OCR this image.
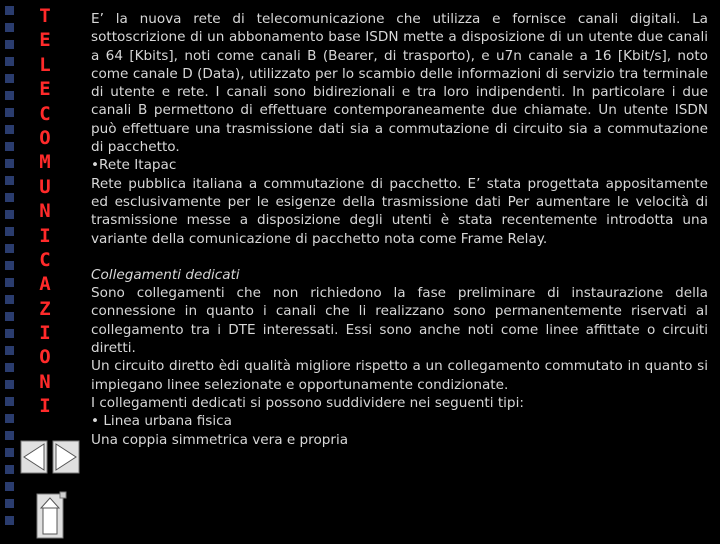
T
E
L
E
C
O
M
U
N
I
C
A
Z
I
O
N
I

E’ la nuova rete di telecomunicazione che utilizza e fornisce canali digitali. La sottoscrizione di un abbonamento base ISDN mette a disposizione di un utente due canali a 64 [Kbits], noti come canali B (Bearer, di trasporto), e u7n canale a 16 [Kbit/s], noto come canale D (Data), utilizzato per lo scambio delle informazioni di servizio tra terminale di utente e rete. I canali sono bidirezionali e tra loro indipendenti. In particolare i due canali B permettono di effettuare contemporaneamente due chiamate. Un utente ISDN può effettuare una trasmissione dati sia a commutazione di circuito sia a commutazione di pacchetto.

•Rete Itapac

Rete pubblica italiana a commutazione di pacchetto. E’ stata progettata appositamente ed esclusivamente per le esigenze della trasmissione dati Per aumentare le velocità di trasmissione messe a disposizione degli utenti è stata recentemente introdotta una variante della comunicazione di pacchetto nota come Frame Relay.

Collegamenti dedicati

Sono collegamenti che non richiedono la fase preliminare di instaurazione della connessione in quanto i canali che li realizzano sono permanentemente riservati al collegamento tra i DTE interessati. Essi sono anche noti come linee affittate o circuiti diretti.

Un circuito diretto èdi qualità migliore rispetto a un collegamento commutato in quanto si impiegano linee selezionate e opportunamente condizionate.

I collegamenti dedicati si possono suddividere nei seguenti tipi:

• Linea urbana fisica

Una coppia simmetrica vera e propria
